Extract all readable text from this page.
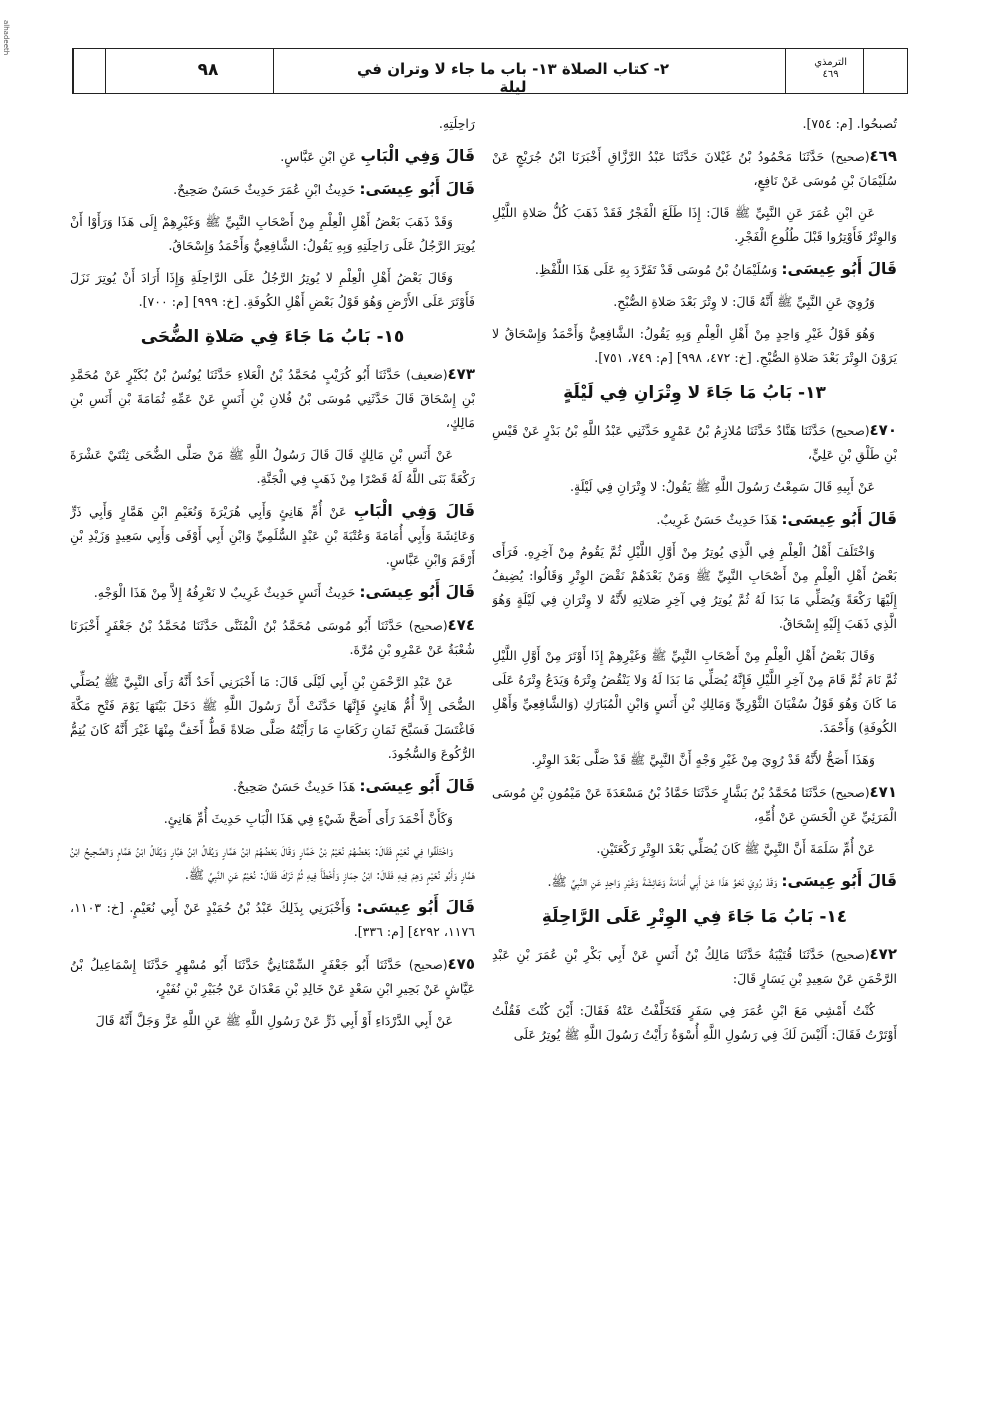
alhadeeth
٩٨	٢- كتاب الصلاة ١٣- باب ما جاء لا وتران في ليلة
الترمذي
٤٦٩

تُصبحُوا. [م: ٧٥٤].

٤٦٩(صحيح) حَدَّثَنَا مَحْمُودُ بْنُ غَيْلانَ حَدَّثَنَا عَبْدُ الرَّزَّاقِ أَخْبَرَنَا ابْنُ جُرَيْجٍ عَنْ سُلَيْمَانَ بْنِ مُوسَى عَنْ نَافِعٍ،

عَنِ ابْنِ عُمَرَ عَنِ النَّبِيِّ ﷺ قَالَ: إِذَا طَلَعَ الْفَجْرُ فَقَدْ ذَهَبَ كُلُّ صَلاةِ اللَّيْلِ وَالوِتْرُ فَأَوْتِرُوا قَبْلَ طُلُوعِ الْفَجْرِ.

قَالَ أَبُو عِيسَى: وَسُلَيْمَانُ بْنُ مُوسَى قَدْ تَفَرَّدَ بِهِ عَلَى هَذَا اللَّفْظِ.

وَرُوِيَ عَنِ النَّبِيِّ ﷺ أَنَّهُ قَالَ: لا وِتْرَ بَعْدَ صَلاةِ الصُّبْحِ.

وَهُوَ قَوْلُ غَيْرِ وَاحِدٍ مِنْ أَهْلِ الْعِلْمِ وَبِهِ يَقُولُ: الشَّافِعِيُّ وَأَحْمَدُ وَإِسْحَاقُ لا يَرَوْنَ الوِتْرَ بَعْدَ صَلاةِ الصُّبْحِ. [خ: ٤٧٢، ٩٩٨] [م: ٧٤٩، ٧٥١].

١٣- بَابُ مَا جَاءَ لا وِتْرَانِ فِي لَيْلَةٍ

٤٧٠(صحيح) حَدَّثَنَا هَنَّادٌ حَدَّثَنَا مُلازِمُ بْنُ عَمْرٍو حَدَّثَنِي عَبْدُ اللَّهِ بْنُ بَدْرٍ عَنْ قَيْسِ بْنِ طَلْقِ بْنِ عَلِيٍّ،

عَنْ أَبِيهِ قَالَ سَمِعْتُ رَسُولَ اللَّهِ ﷺ يَقُولُ: لا وِتْرَانِ فِي لَيْلَةٍ.

قَالَ أَبُو عِيسَى: هَذَا حَدِيثٌ حَسَنٌ غَرِيبٌ.

وَاخْتَلَفَ أَهْلُ الْعِلْمِ فِي الَّذِي يُوتِرُ مِنْ أَوَّلِ اللَّيْلِ ثُمَّ يَقُومُ مِنْ آخِرِهِ. فَرَأَى بَعْضُ أَهْلِ الْعِلْمِ مِنْ أَصْحَابِ النَّبِيِّ ﷺ وَمَنْ بَعْدَهُمْ نَقْضَ الوِتْرِ وَقَالُوا: يُضِيفُ إِلَيْهَا رَكْعَةً وَيُصَلِّي مَا بَدَا لَهُ ثُمَّ يُوتِرُ فِي آخِرِ صَلاتِهِ لأَنَّهُ لا وِتْرَانِ فِي لَيْلَةٍ وَهُوَ الَّذِي ذَهَبَ إِلَيْهِ إِسْحَاقُ.

وَقَالَ بَعْضُ أَهْلِ الْعِلْمِ مِنْ أَصْحَابِ النَّبِيِّ ﷺ وَغَيْرِهِمْ إِذَا أَوْتَرَ مِنْ أَوَّلِ اللَّيْلِ ثُمَّ نَامَ ثُمَّ قَامَ مِنْ آخِرِ اللَّيْلِ فَإِنَّهُ يُصَلِّي مَا بَدَا لَهُ وَلا يَنْقُضُ وِتْرَهُ وَيَدَعُ وِتْرَهُ عَلَى مَا كَانَ وَهُوَ قَوْلُ سُفْيَانَ الثَّوْرِيِّ وَمَالِكِ بْنِ أَنَسٍ وَابْنِ الْمُبَارَكِ (وَالشَّافِعِيِّ وَأَهْلِ الكُوفَةِ) وَأَحْمَدَ.

وَهَذَا أَصَحُّ لأَنَّهُ قَدْ رُوِيَ مِنْ غَيْرِ وَجْهٍ أَنَّ النَّبِيَّ ﷺ قَدْ صَلَّى بَعْدَ الوِتْرِ.

٤٧١(صحيح) حَدَّثَنَا مُحَمَّدُ بْنُ بَشَّارٍ حَدَّثَنَا حَمَّادُ بْنُ مَسْعَدَةَ عَنْ مَيْمُونِ بْنِ مُوسَى الْمَرَئِيِّ عَنِ الْحَسَنِ عَنْ أُمِّهِ،

عَنْ أُمِّ سَلَمَةَ أَنَّ النَّبِيَّ ﷺ كَانَ يُصَلِّي بَعْدَ الوِتْرِ رَكْعَتَيْنِ.

قَالَ أَبُو عِيسَى: وَقَدْ رُوِيَ نَحْوُ هَذَا عَنْ أَبِي أُمَامَةَ وَعَائِشَةَ وَغَيْرِ وَاحِدٍ عَنِ النَّبِيِّ ﷺ.

١٤- بَابُ مَا جَاءَ فِي الوِتْرِ عَلَى الرَّاحِلَةِ

٤٧٢(صحيح) حَدَّثَنَا قُتَيْبَةُ حَدَّثَنَا مَالِكُ بْنُ أَنَسٍ عَنْ أَبِي بَكْرِ بْنِ عُمَرَ بْنِ عَبْدِ الرَّحْمَنِ عَنْ سَعِيدِ بْنِ يَسَارٍ قَالَ:

كُنْتُ أَمْشِي مَعَ ابْنِ عُمَرَ فِي سَفَرٍ فَتَخَلَّفْتُ عَنْهُ فَقَالَ: أَيْنَ كُنْتَ فَقُلْتُ أَوْتَرْتُ فَقَالَ: أَلَيْسَ لَكَ فِي رَسُولِ اللَّهِ أُسْوَةٌ رَأَيْتُ رَسُولَ اللَّهِ ﷺ يُوتِرُ عَلَى

رَاحِلَتِهِ.

قَالَ وَفِي الْبَابِ عَنِ ابْنِ عَبَّاسٍ.

قَالَ أَبُو عِيسَى: حَدِيثُ ابْنِ عُمَرَ حَدِيثٌ حَسَنٌ صَحِيحٌ.

وَقَدْ ذَهَبَ بَعْضُ أَهْلِ الْعِلْمِ مِنْ أَصْحَابِ النَّبِيِّ ﷺ وَغَيْرِهِمْ إِلَى هَذَا وَرَأَوْا أَنْ يُوتِرَ الرَّجُلُ عَلَى رَاحِلَتِهِ وَبِهِ يَقُولُ: الشَّافِعِيُّ وَأَحْمَدُ وَإِسْحَاقُ.

وَقَالَ بَعْضُ أَهْلِ الْعِلْمِ لا يُوتِرُ الرَّجُلُ عَلَى الرَّاحِلَةِ وَإِذَا أَرَادَ أَنْ يُوتِرَ نَزَلَ فَأَوْتَرَ عَلَى الأَرْضِ وَهُوَ قَوْلُ بَعْضِ أَهْلِ الكُوفَةِ. [خ: ٩٩٩] [م: ٧٠٠].

١٥- بَابُ مَا جَاءَ فِي صَلاةِ الضُّحَى

٤٧٣(ضعيف) حَدَّثَنَا أَبُو كُرَيْبٍ مُحَمَّدُ بْنُ الْعَلاءِ حَدَّثَنَا يُونُسُ بْنُ بُكَيْرٍ عَنْ مُحَمَّدِ بْنِ إِسْحَاقَ قَالَ حَدَّثَنِي مُوسَى بْنُ فُلانِ بْنِ أَنَسٍ عَنْ عَمِّهِ ثُمَامَةَ بْنِ أَنَسِ بْنِ مَالِكٍ،

عَنْ أَنَسِ بْنِ مَالِكٍ قَالَ قَالَ رَسُولُ اللَّهِ ﷺ مَنْ صَلَّى الضُّحَى ثِنْتَيْ عَشْرَةَ رَكْعَةً بَنَى اللَّهُ لَهُ قَصْرًا مِنْ ذَهَبٍ فِي الْجَنَّةِ.

قَالَ وَفِي الْبَابِ عَنْ أُمِّ هَانِئٍ وَأَبِي هُرَيْرَةَ وَنُعَيْمِ ابْنِ هَمَّارٍ وَأَبِي ذَرٍّ وَعَائِشَةَ وَأَبِي أُمَامَةَ وَعُتْبَةَ بْنِ عَبْدٍ السُّلَمِيِّ وَابْنِ أَبِي أَوْفَى وَأَبِي سَعِيدٍ وَزَيْدِ بْنِ أَرْقَمَ وَابْنِ عَبَّاسٍ.

قَالَ أَبُو عِيسَى: حَدِيثُ أَنَسٍ حَدِيثٌ غَرِيبٌ لا نَعْرِفُهُ إِلاَّ مِنْ هَذَا الْوَجْهِ.

٤٧٤(صحيح) حَدَّثَنَا أَبُو مُوسَى مُحَمَّدُ بْنُ الْمُثَنَّى حَدَّثَنَا مُحَمَّدُ بْنُ جَعْفَرٍ أَخْبَرَنَا شُعْبَةُ عَنْ عَمْرِو بْنِ مُرَّةَ.

عَنْ عَبْدِ الرَّحْمَنِ بْنِ أَبِي لَيْلَى قَالَ: مَا أَخْبَرَنِي أَحَدٌ أَنَّهُ رَأَى النَّبِيَّ ﷺ يُصَلِّي الضُّحَى إِلاَّ أُمُّ هَانِئٍ فَإِنَّهَا حَدَّثَتْ أَنَّ رَسُولَ اللَّهِ ﷺ دَخَلَ بَيْتَهَا يَوْمَ فَتْحِ مَكَّةَ فَاغْتَسَلَ فَسَبَّحَ ثَمَانِ رَكَعَاتٍ مَا رَأَيْتُهُ صَلَّى صَلاةً قَطُّ أَخَفَّ مِنْهَا غَيْرَ أَنَّهُ كَانَ يُتِمُّ الرُّكُوعَ وَالسُّجُودَ.

قَالَ أَبُو عِيسَى: هَذَا حَدِيثٌ حَسَنٌ صَحِيحٌ.

وَكَأَنَّ أَحْمَدَ رَأَى أَصَحَّ شَيْءٍ فِي هَذَا الْبَابِ حَدِيثَ أُمِّ هَانِئٍ.

وَاخْتَلَفُوا فِي نُعَيْمٍ فَقَالَ: بَعْضُهُمْ نُعَيْمُ بْنُ خَمَّارٍ وَقَالَ بَعْضُهُمْ ابْنُ هَمَّارٍ وَيُقَالُ ابْنُ هَبَّارٍ وَيُقَالُ ابْنُ هَمَّامٍ وَالصَّحِيحُ ابْنُ هَمَّارٍ وَأَبُو نُعَيْمٍ وَهِمَ فِيهِ فَقَالَ: ابْنُ حِمَازٍ وَأَخْطَأَ فِيهِ ثُمَّ تَرَكَ فَقَالَ: نُعَيْمٌ عَنِ النَّبِيِّ ﷺ.

قَالَ أَبُو عِيسَى: وَأَخْبَرَنِي بِذَلِكَ عَبْدُ بْنُ حُمَيْدٍ عَنْ أَبِي نُعَيْمٍ. [خ: ١١٠٣، ١١٧٦، ٤٢٩٢] [م: ٣٣٦].

٤٧٥(صحيح) حَدَّثَنَا أَبُو جَعْفَرٍ السِّمْنَانِيُّ حَدَّثَنَا أَبُو مُسْهِرٍ حَدَّثَنَا إِسْمَاعِيلُ بْنُ عَيَّاشٍ عَنْ بَحِيرِ ابْنِ سَعْدٍ عَنْ خَالِدِ بْنِ مَعْدَانَ عَنْ جُبَيْرِ بْنِ نُفَيْرٍ،

عَنْ أَبِي الدَّرْدَاءِ أَوْ أَبِي ذَرٍّ عَنْ رَسُولِ اللَّهِ ﷺ عَنِ اللَّهِ عَزَّ وَجَلَّ أَنَّهُ قَالَ
